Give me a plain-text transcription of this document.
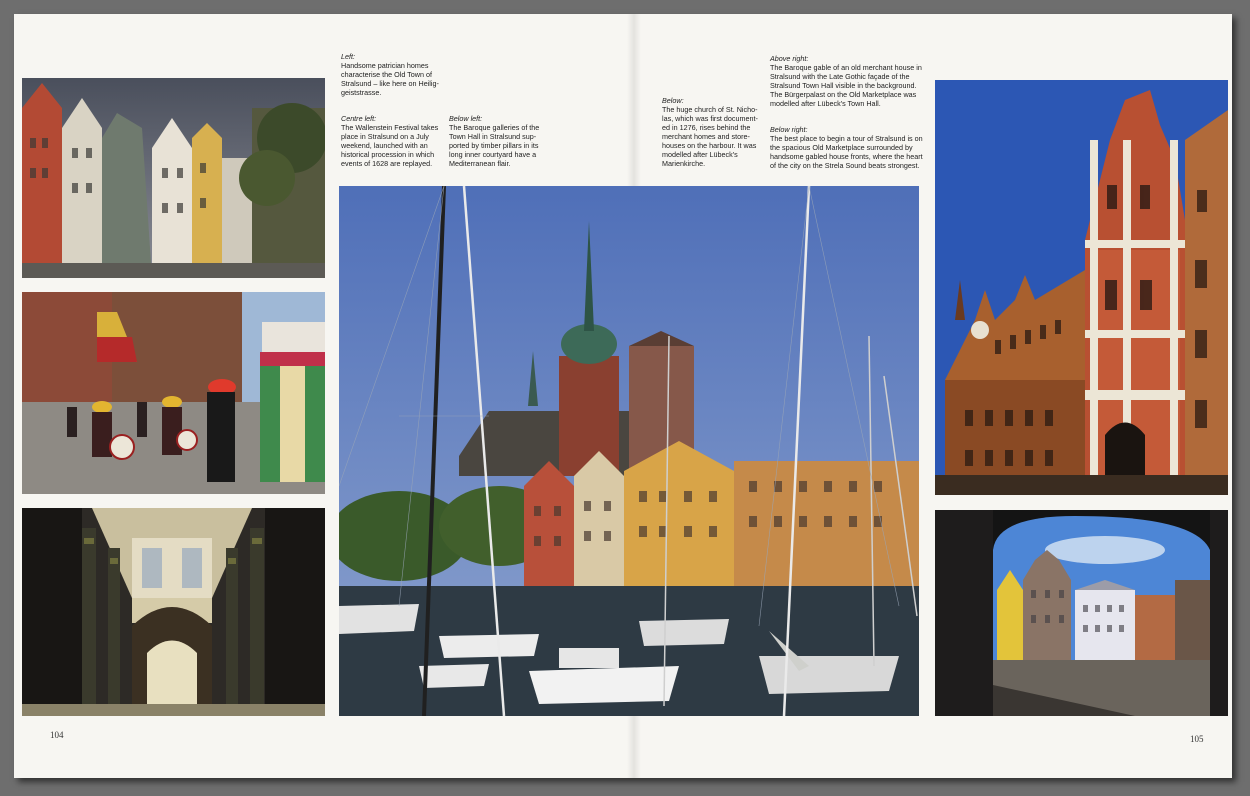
Left:
Handsome patrician homes characterise the Old Town of Stralsund – like here on Heilig-geiststrasse.
Centre left:
The Wallenstein Festival takes place in Stralsund on a July weekend, launched with an historical procession in which events of 1628 are replayed.
Below left:
The Baroque galleries of the Town Hall in Stralsund sup-ported by timber pillars in its long inner courtyard have a Mediterranean flair.
Below:
The huge church of St. Nicho-las, which was first document-ed in 1276, rises behind the merchant homes and store-houses on the harbour. It was modelled after Lübeck's Marienkirche.
Above right:
The Baroque gable of an old merchant house in Stralsund with the Late Gothic façade of the Stralsund Town Hall visible in the background. The Bürgerpalast on the Old Marketplace was modelled after Lübeck's Town Hall.
Below right:
The best place to begin a tour of Stralsund is on the spacious Old Marketplace surrounded by handsome gabled house fronts, where the heart of the city on the Strela Sound beats strongest.
104	105
